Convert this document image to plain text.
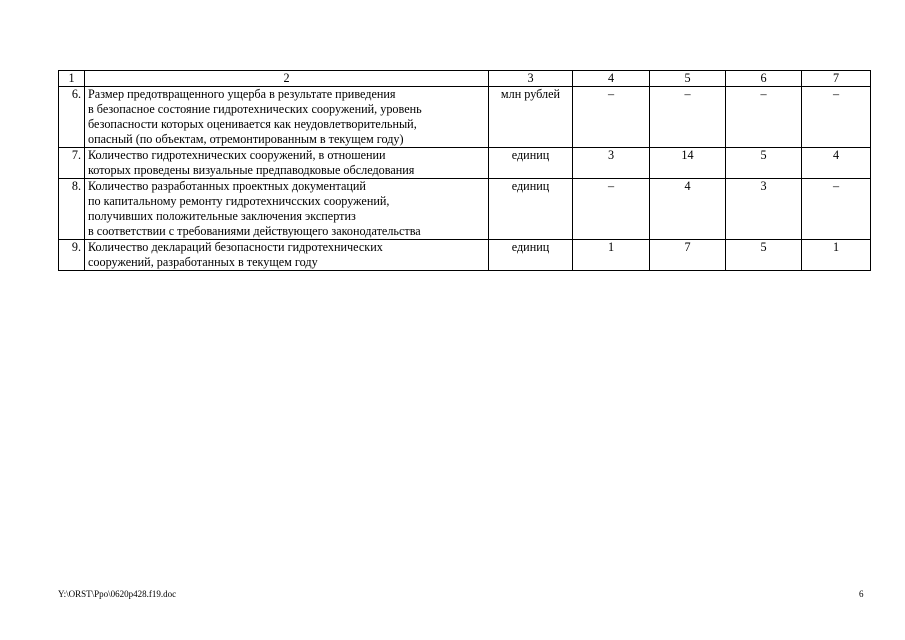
1	2	3	4	5	6	7
6.	Размер предотвращенного ущерба в результате приведения
в безопасное состояние гидротехнических сооружений, уровень
безопасности которых оценивается как неудовлетворительный,
опасный (по объектам, отремонтированным в текущем году)	млн рублей	–	–	–	–
7.	Количество гидротехнических сооружений, в отношении
которых проведены визуальные предпаводковые обследования	единиц	3	14	5	4
8.	Количество разработанных проектных документаций
по капитальному ремонту гидротехничсских сооружений,
получивших положительные заключения экспертиз
в соответствии с требованиями действующего законодательства	единиц	–	4	3	–
9.	Количество деклараций безопасности гидротехнических
сооружений, разработанных в текущем году	единиц	1	7	5	1
Y:\ORST\Ppo\0620p428.f19.doc	6
